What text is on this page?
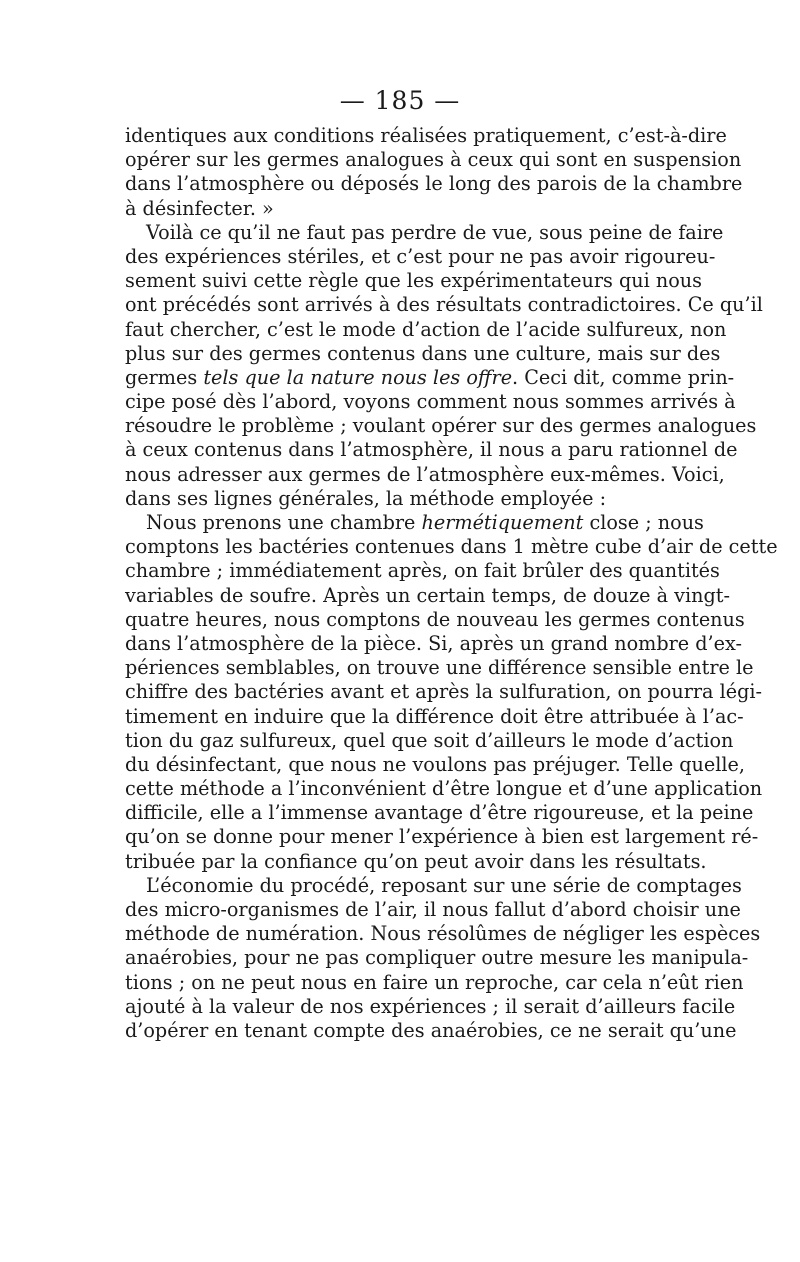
— 185 —
identiques aux conditions réalisées pratiquement, c’est-à-dire
opérer sur les germes analogues à ceux qui sont en suspension
dans l’atmosphère ou déposés le long des parois de la chambre
à désinfecter. »
Voilà ce qu’il ne faut pas perdre de vue, sous peine de faire
des expériences stériles, et c’est pour ne pas avoir rigoureu-
sement suivi cette règle que les expérimentateurs qui nous
ont précédés sont arrivés à des résultats contradictoires. Ce qu’il
faut chercher, c’est le mode d’action de l’acide sulfureux, non
plus sur des germes contenus dans une culture, mais sur des
germes tels que la nature nous les offre. Ceci dit, comme prin-
cipe posé dès l’abord, voyons comment nous sommes arrivés à
résoudre le problème ; voulant opérer sur des germes analogues
à ceux contenus dans l’atmosphère, il nous a paru rationnel de
nous adresser aux germes de l’atmosphère eux-mêmes. Voici,
dans ses lignes générales, la méthode employée :
Nous prenons une chambre hermétiquement close ; nous
comptons les bactéries contenues dans 1 mètre cube d’air de cette
chambre ; immédiatement après, on fait brûler des quantités
variables de soufre. Après un certain temps, de douze à vingt-
quatre heures, nous comptons de nouveau les germes contenus
dans l’atmosphère de la pièce. Si, après un grand nombre d’ex-
périences semblables, on trouve une différence sensible entre le
chiffre des bactéries avant et après la sulfuration, on pourra légi-
timement en induire que la différence doit être attribuée à l’ac-
tion du gaz sulfureux, quel que soit d’ailleurs le mode d’action
du désinfectant, que nous ne voulons pas préjuger. Telle quelle,
cette méthode a l’inconvénient d’être longue et d’une application
difficile, elle a l’immense avantage d’être rigoureuse, et la peine
qu’on se donne pour mener l’expérience à bien est largement ré-
tribuée par la confiance qu’on peut avoir dans les résultats.
L’économie du procédé, reposant sur une série de comptages
des micro-organismes de l’air, il nous fallut d’abord choisir une
méthode de numération. Nous résolûmes de négliger les espèces
anaérobies, pour ne pas compliquer outre mesure les manipula-
tions ; on ne peut nous en faire un reproche, car cela n’eût rien
ajouté à la valeur de nos expériences ; il serait d’ailleurs facile
d’opérer en tenant compte des anaérobies, ce ne serait qu’une
